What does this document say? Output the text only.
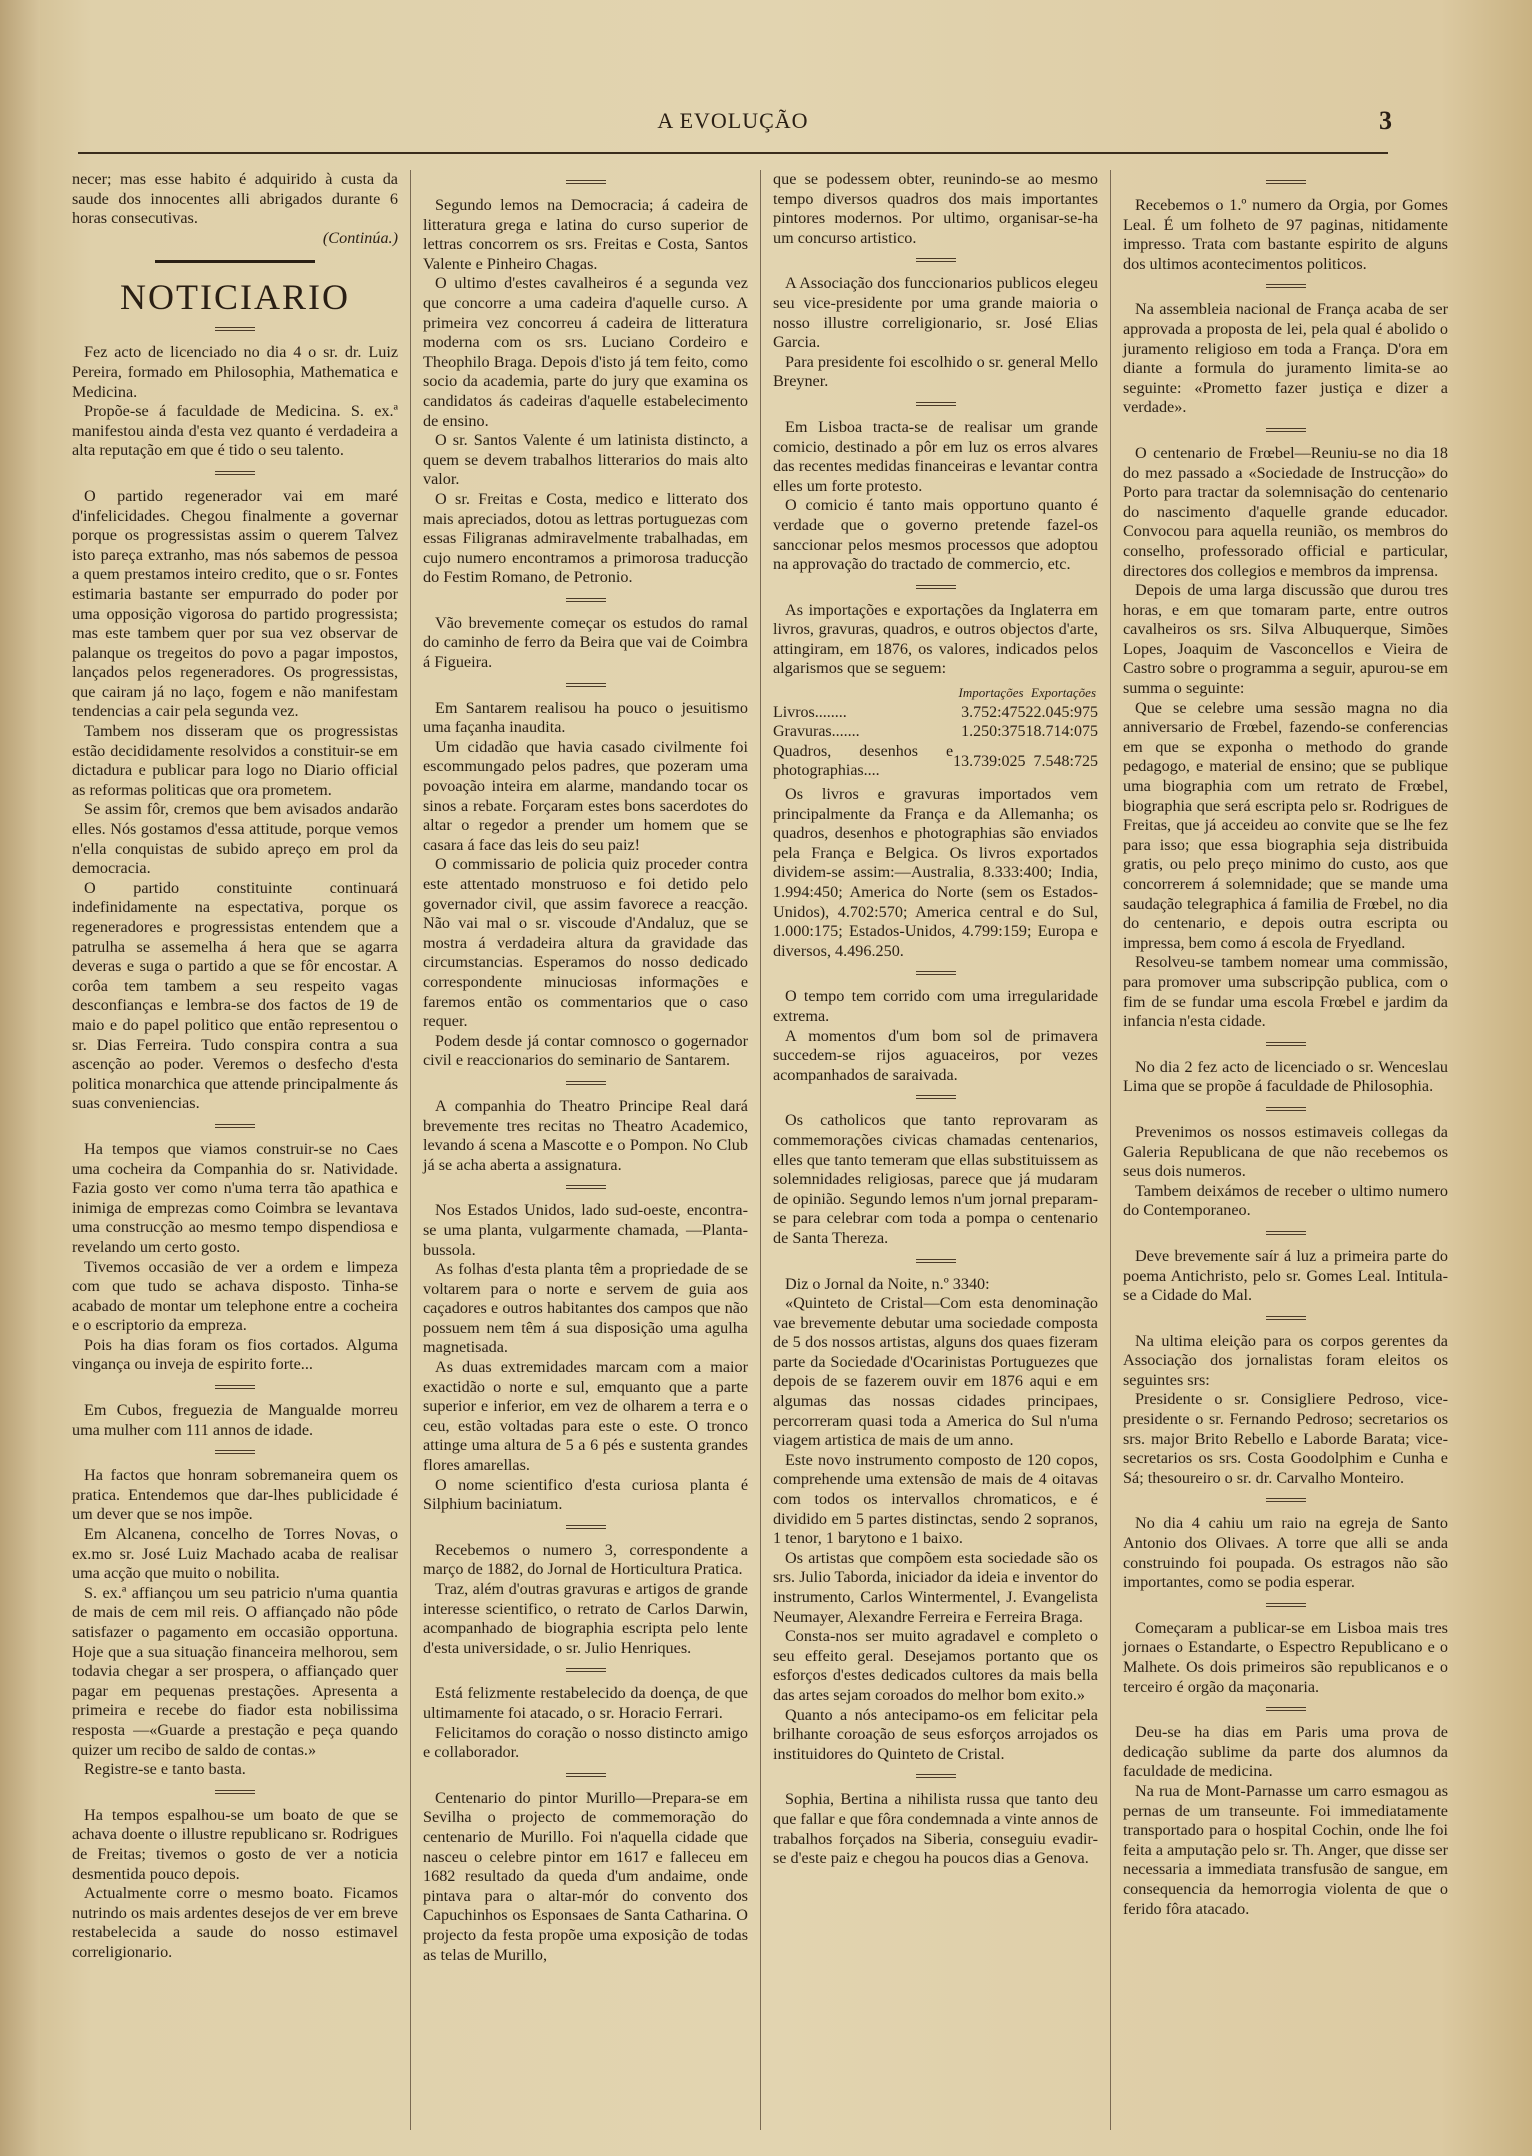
A EVOLUÇÃO	3

necer; mas esse habito é adquirido à custa da saude dos innocentes alli abrigados durante 6 horas consecutivas.

(Continúa.)

NOTICIARIO

Fez acto de licenciado no dia 4 o sr. dr. Luiz Pereira, formado em Philosophia, Mathematica e Medicina.

Propõe-se á faculdade de Medicina. S. ex.ª manifestou ainda d'esta vez quanto é verdadeira a alta reputação em que é tido o seu talento.

O partido regenerador vai em maré d'infelicidades. Chegou finalmente a governar porque os progressistas assim o querem Talvez isto pareça extranho, mas nós sabemos de pessoa a quem prestamos inteiro credito, que o sr. Fontes estimaria bastante ser empurrado do poder por uma opposição vigorosa do partido progressista; mas este tambem quer por sua vez observar de palanque os tregeitos do povo a pagar impostos, lançados pelos regeneradores. Os progressistas, que cairam já no laço, fogem e não manifestam tendencias a cair pela segunda vez.

Tambem nos disseram que os progressistas estão decididamente resolvidos a constituir-se em dictadura e publicar para logo no Diario official as reformas politicas que ora prometem.

Se assim fôr, cremos que bem avisados andarão elles. Nós gostamos d'essa attitude, porque vemos n'ella conquistas de subido apreço em prol da democracia.

O partido constituinte continuará indefinidamente na espectativa, porque os regeneradores e progressistas entendem que a patrulha se assemelha á hera que se agarra deveras e suga o partido a que se fôr encostar. A corôa tem tambem a seu respeito vagas desconfianças e lembra-se dos factos de 19 de maio e do papel politico que então representou o sr. Dias Ferreira. Tudo conspira contra a sua ascenção ao poder. Veremos o desfecho d'esta politica monarchica que attende principalmente ás suas conveniencias.

Ha tempos que viamos construir-se no Caes uma cocheira da Companhia do sr. Natividade. Fazia gosto ver como n'uma terra tão apathica e inimiga de emprezas como Coimbra se levantava uma construcção ao mesmo tempo dispendiosa e revelando um certo gosto.

Tivemos occasião de ver a ordem e limpeza com que tudo se achava disposto. Tinha-se acabado de montar um telephone entre a cocheira e o escriptorio da empreza.

Pois ha dias foram os fios cortados. Alguma vingança ou inveja de espirito forte...

Em Cubos, freguezia de Mangualde morreu uma mulher com 111 annos de idade.

Ha factos que honram sobremaneira quem os pratica. Entendemos que dar-lhes publicidade é um dever que se nos impõe.

Em Alcanena, concelho de Torres Novas, o ex.mo sr. José Luiz Machado acaba de realisar uma acção que muito o nobilita.

S. ex.ª affiançou um seu patricio n'uma quantia de mais de cem mil reis. O affiançado não pôde satisfazer o pagamento em occasião opportuna. Hoje que a sua situação financeira melhorou, sem todavia chegar a ser prospera, o affiançado quer pagar em pequenas prestações. Apresenta a primeira e recebe do fiador esta nobilissima resposta —«Guarde a prestação e peça quando quizer um recibo de saldo de contas.»

Registre-se e tanto basta.

Ha tempos espalhou-se um boato de que se achava doente o illustre republicano sr. Rodrigues de Freitas; tivemos o gosto de ver a noticia desmentida pouco depois.

Actualmente corre o mesmo boato. Ficamos nutrindo os mais ardentes desejos de ver em breve restabelecida a saude do nosso estimavel correligionario.

Segundo lemos na Democracia; á cadeira de litteratura grega e latina do curso superior de lettras concorrem os srs. Freitas e Costa, Santos Valente e Pinheiro Chagas.

O ultimo d'estes cavalheiros é a segunda vez que concorre a uma cadeira d'aquelle curso. A primeira vez concorreu á cadeira de litteratura moderna com os srs. Luciano Cordeiro e Theophilo Braga. Depois d'isto já tem feito, como socio da academia, parte do jury que examina os candidatos ás cadeiras d'aquelle estabelecimento de ensino.

O sr. Santos Valente é um latinista distincto, a quem se devem trabalhos litterarios do mais alto valor.

O sr. Freitas e Costa, medico e litterato dos mais apreciados, dotou as lettras portuguezas com essas Filigranas admiravelmente trabalhadas, em cujo numero encontramos a primorosa traducção do Festim Romano, de Petronio.

Vão brevemente começar os estudos do ramal do caminho de ferro da Beira que vai de Coimbra á Figueira.

Em Santarem realisou ha pouco o jesuitismo uma façanha inaudita.

Um cidadão que havia casado civilmente foi escommungado pelos padres, que pozeram uma povoação inteira em alarme, mandando tocar os sinos a rebate. Forçaram estes bons sacerdotes do altar o regedor a prender um homem que se casara á face das leis do seu paiz!

O commissario de policia quiz proceder contra este attentado monstruoso e foi detido pelo governador civil, que assim favorece a reacção. Não vai mal o sr. viscoude d'Andaluz, que se mostra á verdadeira altura da gravidade das circumstancias. Esperamos do nosso dedicado correspondente minuciosas informações e faremos então os commentarios que o caso requer.

Podem desde já contar comnosco o gogernador civil e reaccionarios do seminario de Santarem.

A companhia do Theatro Principe Real dará brevemente tres recitas no Theatro Academico, levando á scena a Mascotte e o Pompon. No Club já se acha aberta a assignatura.

Nos Estados Unidos, lado sud-oeste, encontra-se uma planta, vulgarmente chamada, —Planta-bussola.

As folhas d'esta planta têm a propriedade de se voltarem para o norte e servem de guia aos caçadores e outros habitantes dos campos que não possuem nem têm á sua disposição uma agulha magnetisada.

As duas extremidades marcam com a maior exactidão o norte e sul, emquanto que a parte superior e inferior, em vez de olharem a terra e o ceu, estão voltadas para este o este. O tronco attinge uma altura de 5 a 6 pés e sustenta grandes flores amarellas.

O nome scientifico d'esta curiosa planta é Silphium baciniatum.

Recebemos o numero 3, correspondente a março de 1882, do Jornal de Horticultura Pratica.

Traz, além d'outras gravuras e artigos de grande interesse scientifico, o retrato de Carlos Darwin, acompanhado de biographia escripta pelo lente d'esta universidade, o sr. Julio Henriques.

Está felizmente restabelecido da doença, de que ultimamente foi atacado, o sr. Horacio Ferrari.

Felicitamos do coração o nosso distincto amigo e collaborador.

Centenario do pintor Murillo—Prepara-se em Sevilha o projecto de commemoração do centenario de Murillo. Foi n'aquella cidade que nasceu o celebre pintor em 1617 e falleceu em 1682 resultado da queda d'um andaime, onde pintava para o altar-mór do convento dos Capuchinhos os Esponsaes de Santa Catharina. O projecto da festa propõe uma exposição de todas as telas de Murillo,

que se podessem obter, reunindo-se ao mesmo tempo diversos quadros dos mais importantes pintores modernos. Por ultimo, organisar-se-ha um concurso artistico.

A Associação dos funccionarios publicos elegeu seu vice-presidente por uma grande maioria o nosso illustre correligionario, sr. José Elias Garcia.

Para presidente foi escolhido o sr. general Mello Breyner.

Em Lisboa tracta-se de realisar um grande comicio, destinado a pôr em luz os erros alvares das recentes medidas financeiras e levantar contra elles um forte protesto.

O comicio é tanto mais opportuno quanto é verdade que o governo pretende fazel-os sanccionar pelos mesmos processos que adoptou na approvação do tractado de commercio, etc.

As importações e exportações da Inglaterra em livros, gravuras, quadros, e outros objectos d'arte, attingiram, em 1876, os valores, indicados pelos algarismos que se seguem:

	Importações	Exportações
Livros........	3.752:475	22.045:975
Gravuras.......	1.250:375	18.714:075
Quadros, desenhos e photographias....	13.739:025	7.548:725

Os livros e gravuras importados vem principalmente da França e da Allemanha; os quadros, desenhos e photographias são enviados pela França e Belgica. Os livros exportados dividem-se assim:—Australia, 8.333:400; India, 1.994:450; America do Norte (sem os Estados-Unidos), 4.702:570; America central e do Sul, 1.000:175; Estados-Unidos, 4.799:159; Europa e diversos, 4.496.250.

O tempo tem corrido com uma irregularidade extrema.

A momentos d'um bom sol de primavera succedem-se rijos aguaceiros, por vezes acompanhados de saraivada.

Os catholicos que tanto reprovaram as commemorações civicas chamadas centenarios, elles que tanto temeram que ellas substituissem as solemnidades religiosas, parece que já mudaram de opinião. Segundo lemos n'um jornal preparam-se para celebrar com toda a pompa o centenario de Santa Thereza.

Diz o Jornal da Noite, n.º 3340:

«Quinteto de Cristal—Com esta denominação vae brevemente debutar uma sociedade composta de 5 dos nossos artistas, alguns dos quaes fizeram parte da Sociedade d'Ocarinistas Portuguezes que depois de se fazerem ouvir em 1876 aqui e em algumas das nossas cidades principaes, percorreram quasi toda a America do Sul n'uma viagem artistica de mais de um anno.

Este novo instrumento composto de 120 copos, comprehende uma extensão de mais de 4 oitavas com todos os intervallos chromaticos, e é dividido em 5 partes distinctas, sendo 2 sopranos, 1 tenor, 1 barytono e 1 baixo.

Os artistas que compõem esta sociedade são os srs. Julio Taborda, iniciador da ideia e inventor do instrumento, Carlos Wintermentel, J. Evangelista Neumayer, Alexandre Ferreira e Ferreira Braga.

Consta-nos ser muito agradavel e completo o seu effeito geral. Desejamos portanto que os esforços d'estes dedicados cultores da mais bella das artes sejam coroados do melhor bom exito.»

Quanto a nós antecipamo-os em felicitar pela brilhante coroação de seus esforços arrojados os instituidores do Quinteto de Cristal.

Sophia, Bertina a nihilista russa que tanto deu que fallar e que fôra condemnada a vinte annos de trabalhos forçados na Siberia, conseguiu evadir-se d'este paiz e chegou ha poucos dias a Genova.

Recebemos o 1.º numero da Orgia, por Gomes Leal. É um folheto de 97 paginas, nitidamente impresso. Trata com bastante espirito de alguns dos ultimos acontecimentos politicos.

Na assembleia nacional de França acaba de ser approvada a proposta de lei, pela qual é abolido o juramento religioso em toda a França. D'ora em diante a formula do juramento limita-se ao seguinte: «Prometto fazer justiça e dizer a verdade».

O centenario de Frœbel—Reuniu-se no dia 18 do mez passado a «Sociedade de Instrucção» do Porto para tractar da solemnisação do centenario do nascimento d'aquelle grande educador. Convocou para aquella reunião, os membros do conselho, professorado official e particular, directores dos collegios e membros da imprensa.

Depois de uma larga discussão que durou tres horas, e em que tomaram parte, entre outros cavalheiros os srs. Silva Albuquerque, Simões Lopes, Joaquim de Vasconcellos e Vieira de Castro sobre o programma a seguir, apurou-se em summa o seguinte:

Que se celebre uma sessão magna no dia anniversario de Frœbel, fazendo-se conferencias em que se exponha o methodo do grande pedagogo, e material de ensino; que se publique uma biographia com um retrato de Frœbel, biographia que será escripta pelo sr. Rodrigues de Freitas, que já acceideu ao convite que se lhe fez para isso; que essa biographia seja distribuida gratis, ou pelo preço minimo do custo, aos que concorrerem á solemnidade; que se mande uma saudação telegraphica á familia de Frœbel, no dia do centenario, e depois outra escripta ou impressa, bem como á escola de Fryedland.

Resolveu-se tambem nomear uma commissão, para promover uma subscripção publica, com o fim de se fundar uma escola Frœbel e jardim da infancia n'esta cidade.

No dia 2 fez acto de licenciado o sr. Wenceslau Lima que se propõe á faculdade de Philosophia.

Prevenimos os nossos estimaveis collegas da Galeria Republicana de que não recebemos os seus dois numeros.

Tambem deixámos de receber o ultimo numero do Contemporaneo.

Deve brevemente saír á luz a primeira parte do poema Antichristo, pelo sr. Gomes Leal. Intitula-se a Cidade do Mal.

Na ultima eleição para os corpos gerentes da Associação dos jornalistas foram eleitos os seguintes srs:

Presidente o sr. Consigliere Pedroso, vice-presidente o sr. Fernando Pedroso; secretarios os srs. major Brito Rebello e Laborde Barata; vice-secretarios os srs. Costa Goodolphim e Cunha e Sá; thesoureiro o sr. dr. Carvalho Monteiro.

No dia 4 cahiu um raio na egreja de Santo Antonio dos Olivaes. A torre que alli se anda construindo foi poupada. Os estragos não são importantes, como se podia esperar.

Começaram a publicar-se em Lisboa mais tres jornaes o Estandarte, o Espectro Republicano e o Malhete. Os dois primeiros são republicanos e o terceiro é orgão da maçonaria.

Deu-se ha dias em Paris uma prova de dedicação sublime da parte dos alumnos da faculdade de medicina.

Na rua de Mont-Parnasse um carro esmagou as pernas de um transeunte. Foi immediatamente transportado para o hospital Cochin, onde lhe foi feita a amputação pelo sr. Th. Anger, que disse ser necessaria a immediata transfusão de sangue, em consequencia da hemorrogia violenta de que o ferido fôra atacado.
